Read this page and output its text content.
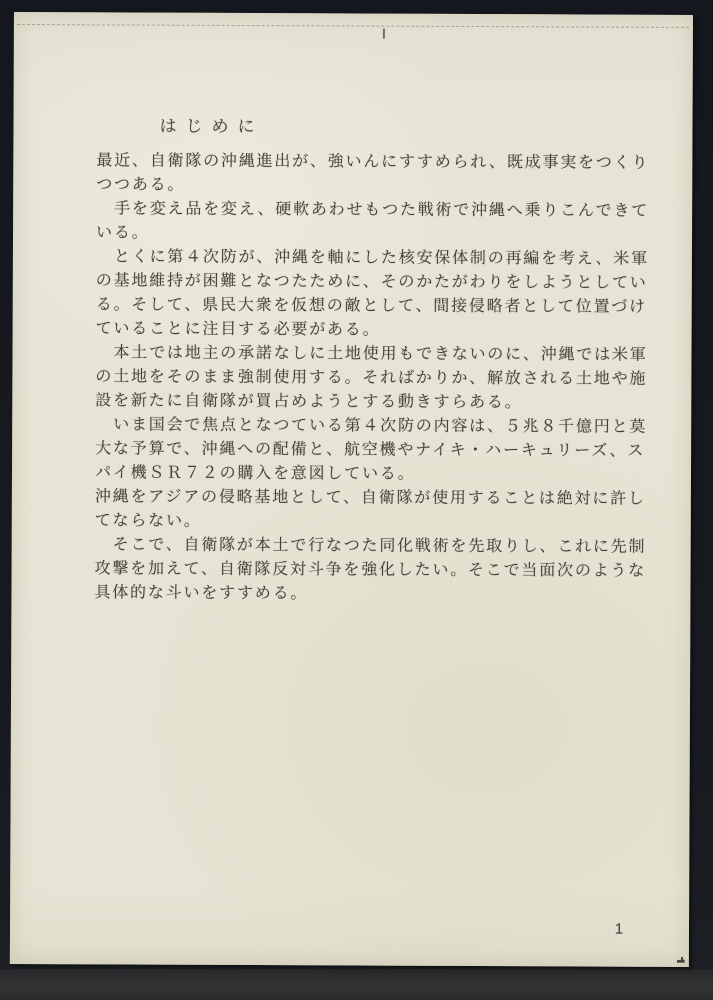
はじめに

最近、自衛隊の沖縄進出が、強いんにすすめられ、既成事実をつくりつつある。

手を変え品を変え、硬軟あわせもつた戦術で沖縄へ乗りこんできている。

とくに第４次防が、沖縄を軸にした核安保体制の再編を考え、米軍の基地維持が困難となつたために、そのかたがわりをしようとしている。そして、県民大衆を仮想の敵として、間接侵略者として位置づけていることに注目する必要がある。

本土では地主の承諾なしに土地使用もできないのに、沖縄では米軍の土地をそのまま強制使用する。そればかりか、解放される土地や施設を新たに自衛隊が買占めようとする動きすらある。

いま国会で焦点となつている第４次防の内容は、５兆８千億円と莫大な予算で、沖縄への配備と、航空機やナイキ・ハーキュリーズ、スパイ機ＳＲ７２の購入を意図している。

沖縄をアジアの侵略基地として、自衛隊が使用することは絶対に許してならない。

そこで、自衛隊が本土で行なつた同化戦術を先取りし、これに先制攻撃を加えて、自衛隊反対斗争を強化したい。そこで当面次のような具体的な斗いをすすめる。

1
